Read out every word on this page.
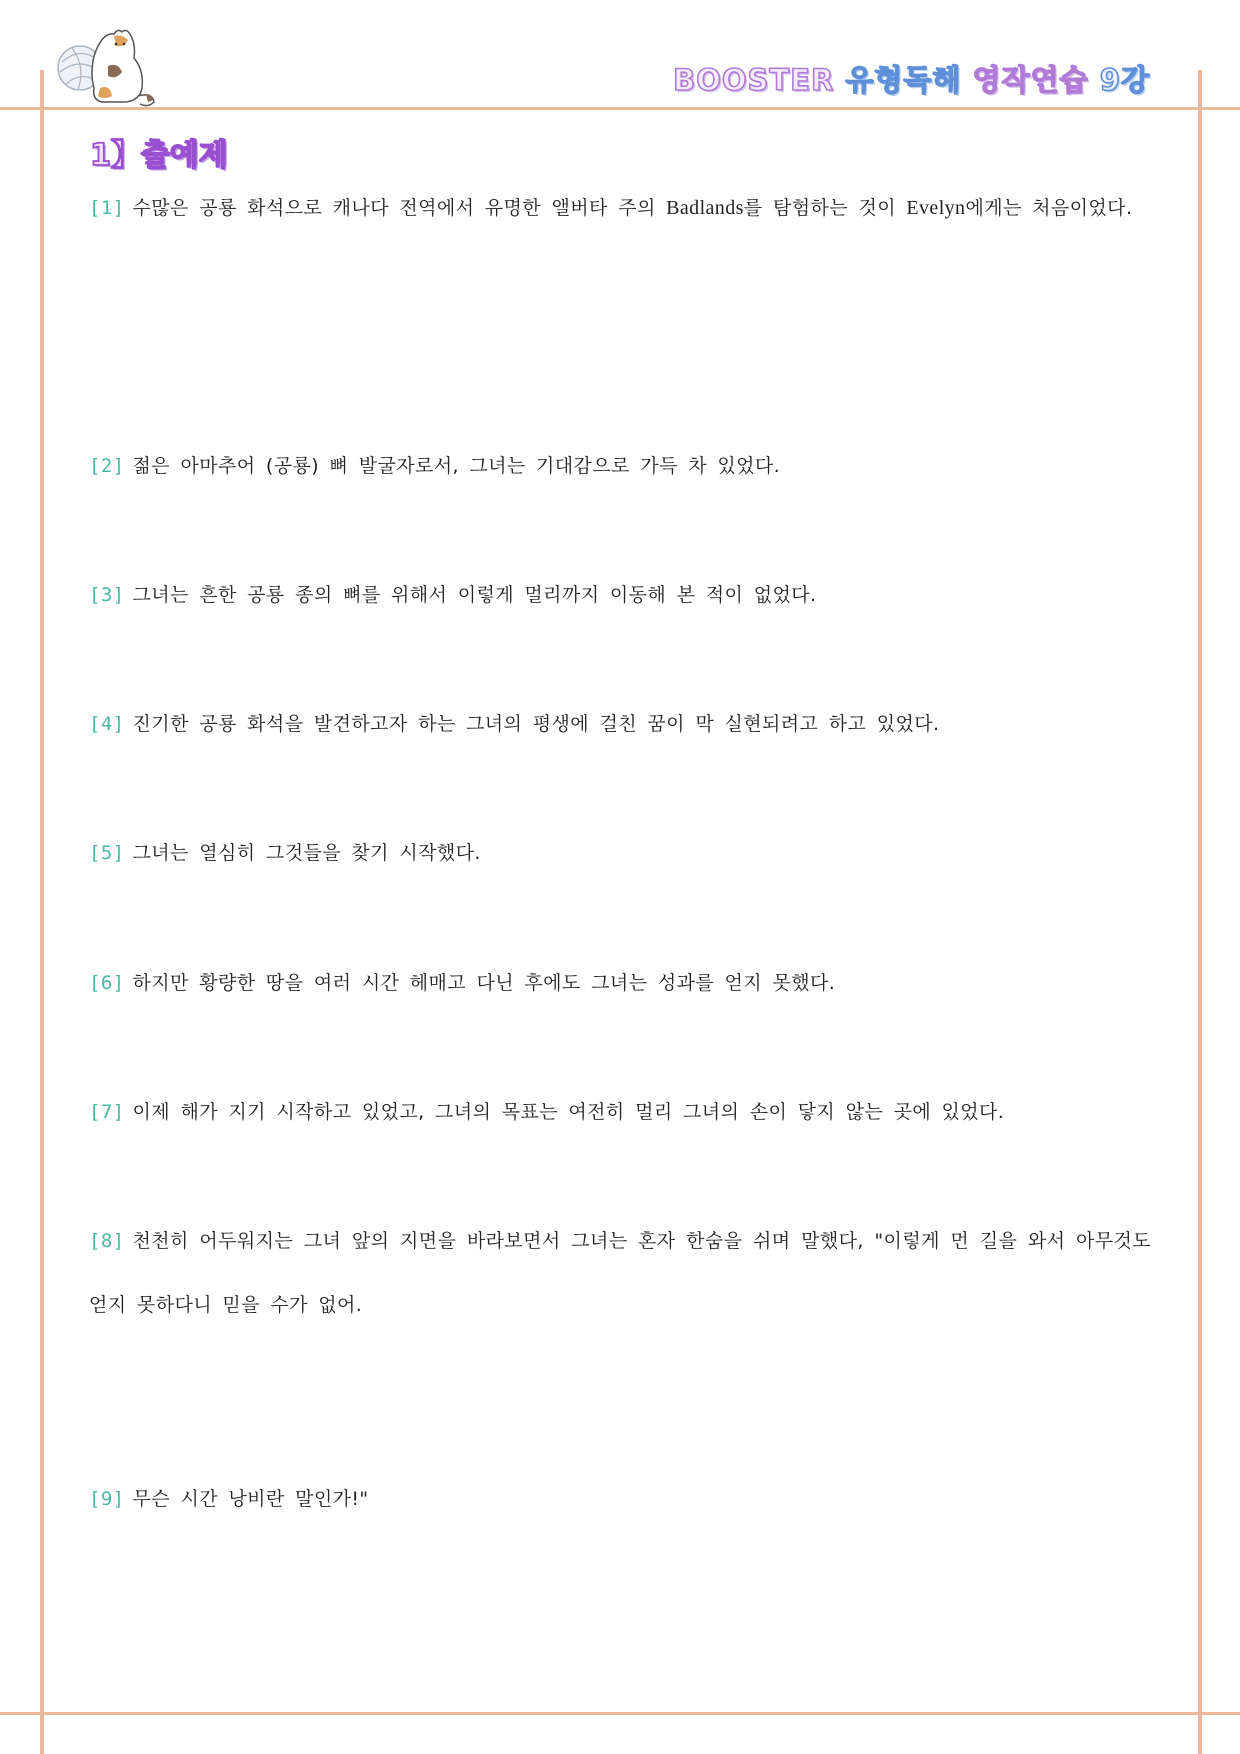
BOOSTER 유형독해 영작연습 9강
1】출예제
[1] 수많은 공룡 화석으로 캐나다 전역에서 유명한 앨버타 주의 Badlands를 탐험하는 것이 Evelyn에게는 처음이었다.
[2] 젊은 아마추어 (공룡) 뼈 발굴자로서, 그녀는 기대감으로 가득 차 있었다.
[3] 그녀는 흔한 공룡 종의 뼈를 위해서 이렇게 멀리까지 이동해 본 적이 없었다.
[4] 진기한 공룡 화석을 발견하고자 하는 그녀의 평생에 걸친 꿈이 막 실현되려고 하고 있었다.
[5] 그녀는 열심히 그것들을 찾기 시작했다.
[6] 하지만 황량한 땅을 여러 시간 헤매고 다닌 후에도 그녀는 성과를 얻지 못했다.
[7] 이제 해가 지기 시작하고 있었고, 그녀의 목표는 여전히 멀리 그녀의 손이 닿지 않는 곳에 있었다.
[8] 천천히 어두워지는 그녀 앞의 지면을 바라보면서 그녀는 혼자 한숨을 쉬며 말했다, "이렇게 먼 길을 와서 아무것도 얻지 못하다니 믿을 수가 없어.
[9] 무슨 시간 낭비란 말인가!"
